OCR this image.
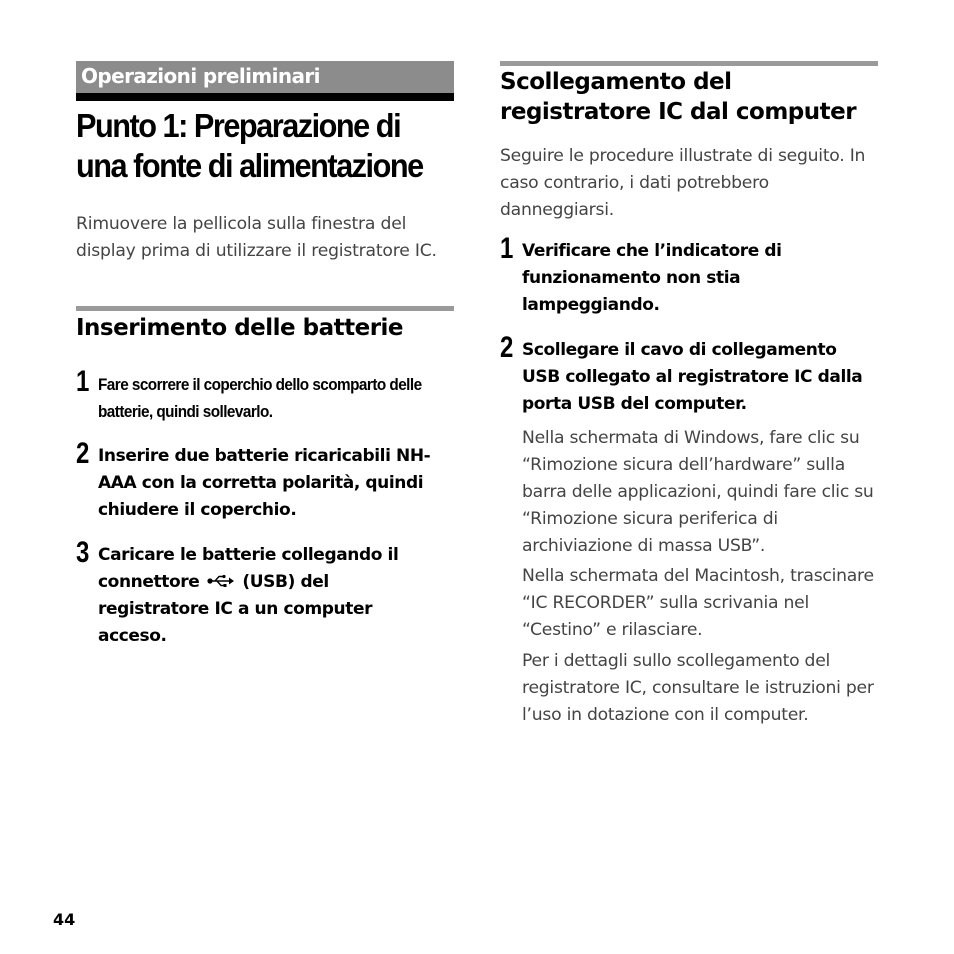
Operazioni preliminari
Punto 1: Preparazione di
una fonte di alimentazione

Rimuovere la pellicola sulla finestra del display prima di utilizzare il registratore IC.

Inserimento delle batterie
1 Fare scorrere il coperchio dello scomparto delle batterie, quindi sollevarlo.

2 Inserire due batterie ricaricabili NH-AAA con la corretta polarità, quindi chiudere il coperchio.

3 Caricare le batterie collegando il connettore	(USB) del registratore IC a un computer acceso.

Scollegamento del
registratore IC dal computer

Seguire le procedure illustrate di seguito. In caso contrario, i dati potrebbero danneggiarsi.

1 Verificare che l’indicatore di funzionamento non stia lampeggiando.

2 Scollegare il cavo di collegamento USB collegato al registratore IC dalla porta USB del computer.

Nella schermata di Windows, fare clic su “Rimozione sicura dell’hardware” sulla barra delle applicazioni, quindi fare clic su “Rimozione sicura periferica di archiviazione di massa USB”.

Nella schermata del Macintosh, trascinare “IC RECORDER” sulla scrivania nel “Cestino” e rilasciare.

Per i dettagli sullo scollegamento del registratore IC, consultare le istruzioni per l’uso in dotazione con il computer.

44
